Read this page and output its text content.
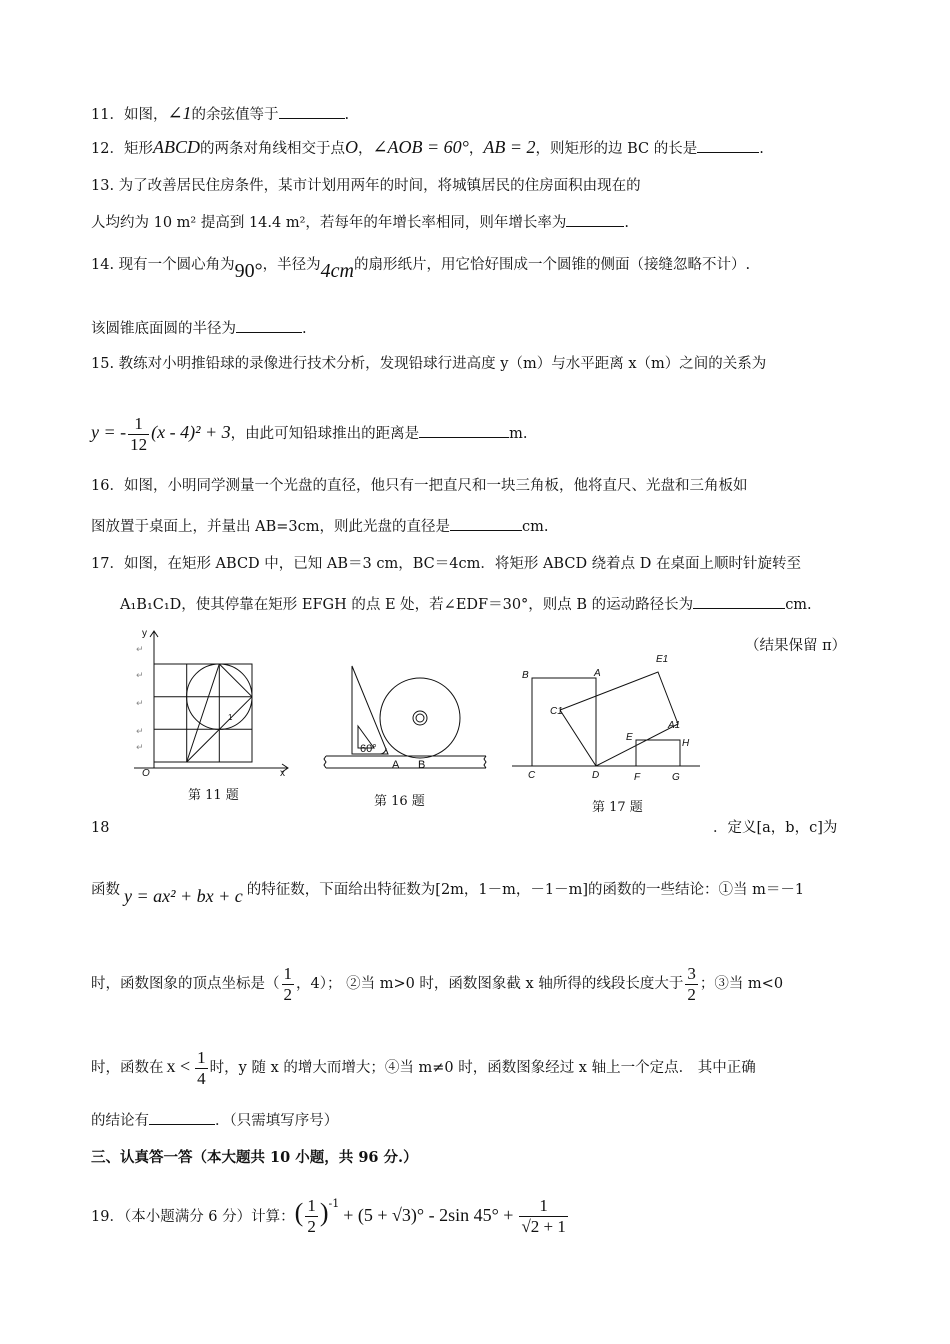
11．如图，∠1的余弦值等于	.
12．矩形ABCD的两条对角线相交于点O，∠AOB = 60°，AB = 2，则矩形的边 BC 的长是	.
13. 为了改善居民住房条件，某市计划用两年的时间，将城镇居民的住房面积由现在的
人均约为 10 m² 提高到 14.4 m²，若每年的年增长率相同，则年增长率为	.
14. 现有一个圆心角为90°，半径为4cm的扇形纸片，用它恰好围成一个圆锥的侧面（接缝忽略不计）.
该圆锥底面圆的半径为	.
15. 教练对小明推铅球的录像进行技术分析，发现铅球行进高度 y（m）与水平距离 x（m）之间的关系为
y = - $\frac{1}{12} (x - 4)^2 + 3$，由此可知铅球推出的距离是	m.
16．如图，小明同学测量一个光盘的直径，他只有一把直尺和一块三角板，他将直尺、光盘和三角板如
图放置于桌面上，并量出 AB=3cm，则此光盘的直径是	cm.
17．如图，在矩形 ABCD 中，已知 AB＝3 cm，BC＝4cm．将矩形 ABCD 绕着点 D 在桌面上顺时针旋转至
A₁B₁C₁D，使其停靠在矩形 EFGH 的点 E 处，若∠EDF＝30°，则点 B 的运动路径长为	cm.
（结果保留 π）
y
x
O
1
↵
↵
↵
↵
↵
第 11 题
60°
A B
第 16 题
B	A
E1
C1
A1
E
H
C	D	F	G
第 17 题
18	．定义[a，b，c]为
函数 y = ax² + bx + c 的特征数，下面给出特征数为[2m，1－m，－1－m]的函数的一些结论：①当 m＝－1
时，函数图象的顶点坐标是（ $\frac{1}{2}$ ，4）； ②当 m>0 时，函数图象截 x 轴所得的线段长度大于 $\frac{3}{2}$ ；③当 m<0
时，函数在 $x < \frac{1}{4}$ 时，y 随 x 的增大而增大；④当 m≠0 时，函数图象经过 x 轴上一个定点． 其中正确
的结论有	．（只需填写序号）
三、认真答一答（本大题共 10 小题，共 96 分.）
19．（本小题满分 6 分）计算：( $\frac{1}{2} )^{-1}+ (5 + √3)^\circ - 2\sin$ $45^\circ + \frac{1}{√2 + 1}$
